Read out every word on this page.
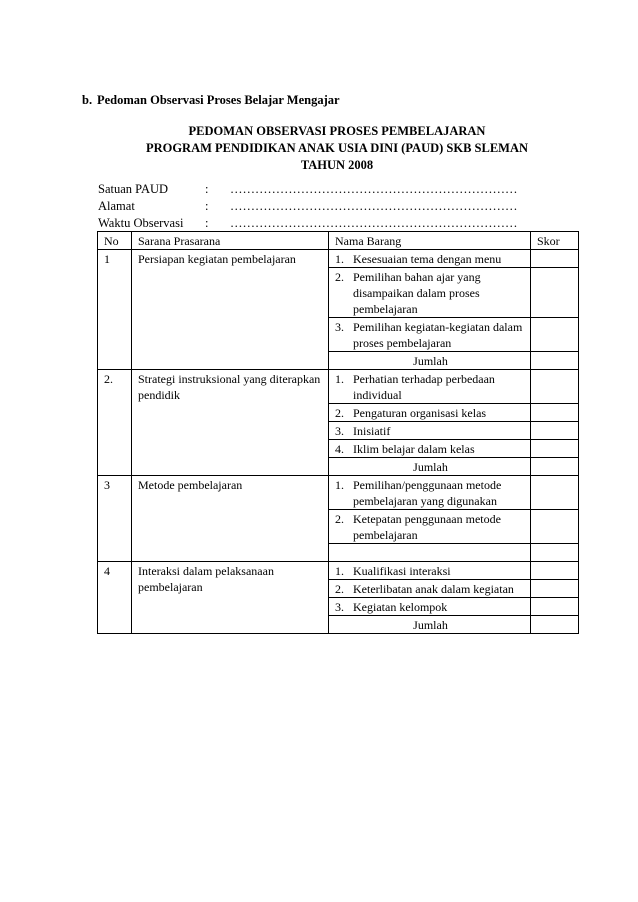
b. Pedoman Observasi Proses Belajar Mengajar
PEDOMAN OBSERVASI PROSES PEMBELAJARAN
PROGRAM PENDIDIKAN ANAK USIA DINI (PAUD) SKB SLEMAN
TAHUN 2008
Satuan PAUD	:	……………………………………………………………
Alamat	:	……………………………………………………………
Waktu Observasi	:	……………………………………………………………
No	Sarana Prasarana	Nama Barang	Skor
1	Persiapan kegiatan pembelajaran	1. Kesesuaian tema dengan menu	

		2. Pemilihan bahan ajar yang disampaikan dalam proses pembelajaran	

		3. Pemilihan kegiatan-kegiatan dalam proses pembelajaran	

		Jumlah	
2.	Strategi instruksional yang diterapkan pendidik	1. Perhatian terhadap perbedaan individual	

		2. Pengaturan organisasi kelas	

		3. Inisiatif	

		4. Iklim belajar dalam kelas	

		Jumlah	
3	Metode pembelajaran	1. Pemilihan/penggunaan metode pembelajaran yang digunakan	

		2. Ketepatan penggunaan metode pembelajaran	

4	Interaksi dalam pelaksanaan pembelajaran	1. Kualifikasi interaksi	

		2. Keterlibatan anak dalam kegiatan	

		3. Kegiatan kelompok	

		Jumlah	
